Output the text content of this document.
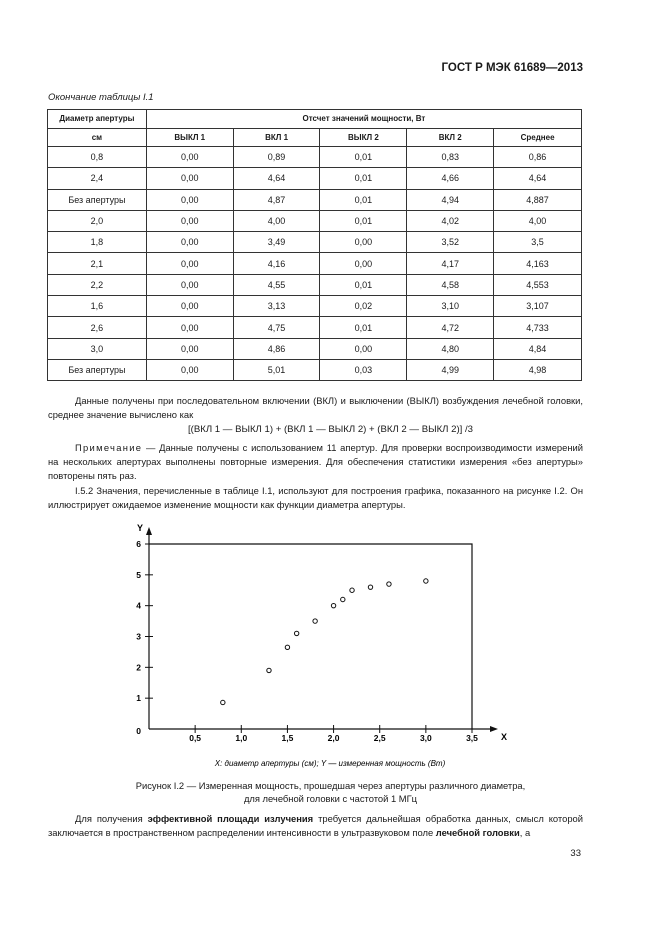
ГОСТ Р МЭК 61689—2013
Окончание таблицы I.1
Диаметр апертуры	Отсчет значений мощности, Вт				
см	ВЫКЛ 1	ВКЛ 1	ВЫКЛ 2	ВКЛ 2	Среднее
0,8	0,00	0,89	0,01	0,83	0,86
2,4	0,00	4,64	0,01	4,66	4,64
Без апертуры	0,00	4,87	0,01	4,94	4,887
2,0	0,00	4,00	0,01	4,02	4,00
1,8	0,00	3,49	0,00	3,52	3,5
2,1	0,00	4,16	0,00	4,17	4,163
2,2	0,00	4,55	0,01	4,58	4,553
1,6	0,00	3,13	0,02	3,10	3,107
2,6	0,00	4,75	0,01	4,72	4,733
3,0	0,00	4,86	0,00	4,80	4,84
Без апертуры	0,00	5,01	0,03	4,99	4,98
Данные получены при последовательном включении (ВКЛ) и выключении (ВЫКЛ) возбуждения лечебной головки, среднее значение вычислено как
[(ВКЛ 1 — ВЫКЛ 1) + (ВКЛ 1 — ВЫКЛ 2) + (ВКЛ 2 — ВЫКЛ 2)] /3
Примечание — Данные получены с использованием 11 апертур. Для проверки воспроизводимости измерений на нескольких апертурах выполнены повторные измерения. Для обеспечения статистики измерения «без апертуры» повторены пять раз.
I.5.2 Значения, перечисленные в таблице I.1, используют для построения графика, показанного на рисунке I.2. Он иллюстрирует ожидаемое изменение мощности как функции диаметра апертуры.
Y
X
0
0,5	1,0	1,5	2,0	2,5	3,0	3,5
1
2
3
4
5
6
X: диаметр апертуры (см); Y — измеренная мощность (Вт)
Рисунок I.2 — Измеренная мощность, прошедшая через апертуры различного диаметра,
для лечебной головки с частотой 1 МГц
Для получения эффективной площади излучения требуется дальнейшая обработка данных, смысл которой заключается в пространственном распределении интенсивности в ультразвуковом поле лечебной головки, а
33
